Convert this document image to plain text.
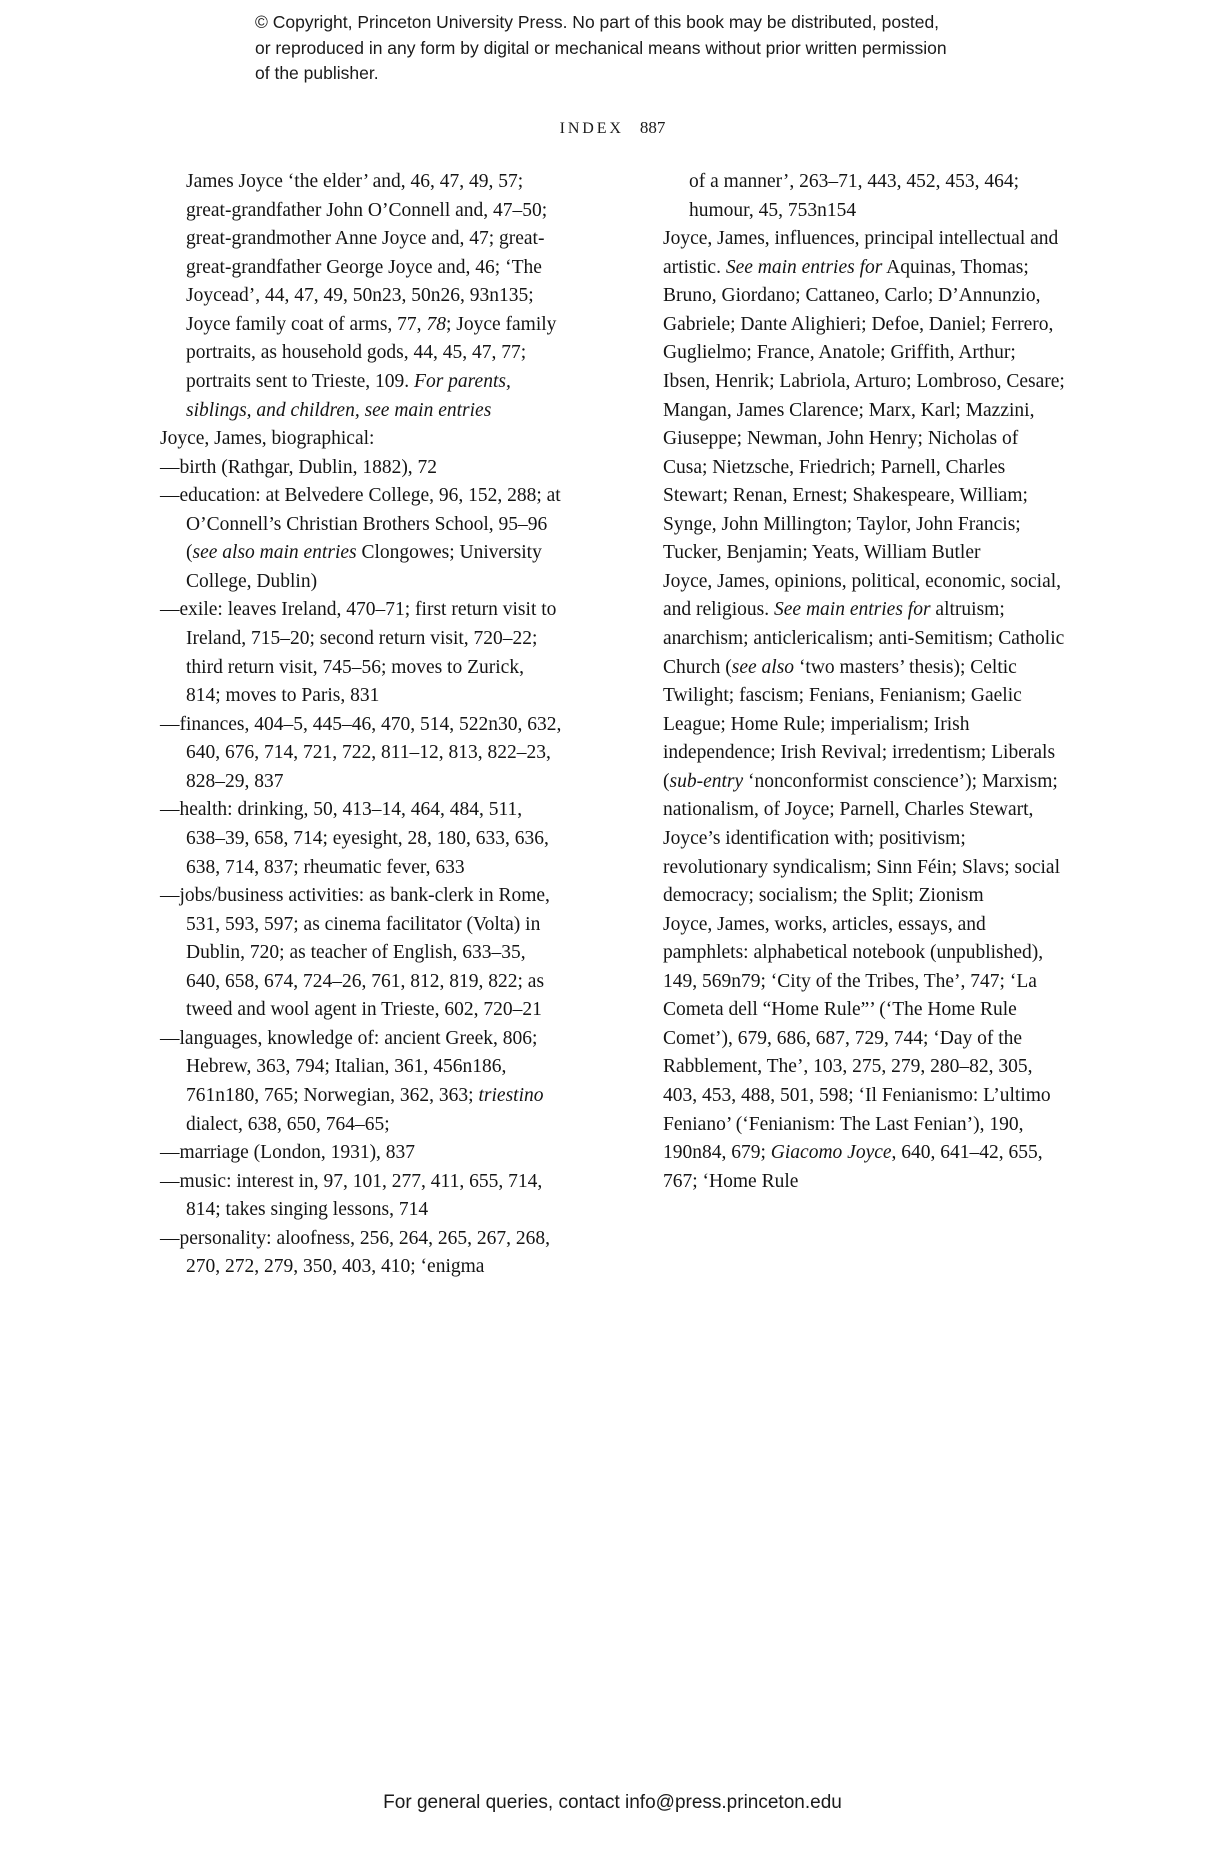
© Copyright, Princeton University Press. No part of this book may be distributed, posted, or reproduced in any form by digital or mechanical means without prior written permission of the publisher.
INDEX 887

James Joyce ‘the elder’ and, 46, 47, 49, 57; great-grandfather John O’Connell and, 47–50; great-grandmother Anne Joyce and, 47; great-great-grandfather George Joyce and, 46; ‘The Joycead’, 44, 47, 49, 50n23, 50n26, 93n135; Joyce family coat of arms, 77, 78; Joyce family portraits, as household gods, 44, 45, 47, 77; portraits sent to Trieste, 109. For parents, siblings, and children, see main entries

Joyce, James, biographical:

—birth (Rathgar, Dublin, 1882), 72

—education: at Belvedere College, 96, 152, 288; at O’Connell’s Christian Brothers School, 95–96 (see also main entries Clongowes; University College, Dublin)

—exile: leaves Ireland, 470–71; first return visit to Ireland, 715–20; second return visit, 720–22; third return visit, 745–56; moves to Zurick, 814; moves to Paris, 831

—finances, 404–5, 445–46, 470, 514, 522n30, 632, 640, 676, 714, 721, 722, 811–12, 813, 822–23, 828–29, 837

—health: drinking, 50, 413–14, 464, 484, 511, 638–39, 658, 714; eyesight, 28, 180, 633, 636, 638, 714, 837; rheumatic fever, 633

—jobs/business activities: as bank-clerk in Rome, 531, 593, 597; as cinema facilitator (Volta) in Dublin, 720; as teacher of English, 633–35, 640, 658, 674, 724–26, 761, 812, 819, 822; as tweed and wool agent in Trieste, 602, 720–21

—languages, knowledge of: ancient Greek, 806; Hebrew, 363, 794; Italian, 361, 456n186, 761n180, 765; Norwegian, 362, 363; triestino dialect, 638, 650, 764–65;

—marriage (London, 1931), 837

—music: interest in, 97, 101, 277, 411, 655, 714, 814; takes singing lessons, 714

—personality: aloofness, 256, 264, 265, 267, 268, 270, 272, 279, 350, 403, 410; ‘enigma

of a manner’, 263–71, 443, 452, 453, 464; humour, 45, 753n154

Joyce, James, influences, principal intellectual and artistic. See main entries for Aquinas, Thomas; Bruno, Giordano; Cattaneo, Carlo; D’Annunzio, Gabriele; Dante Alighieri; Defoe, Daniel; Ferrero, Guglielmo; France, Anatole; Griffith, Arthur; Ibsen, Henrik; Labriola, Arturo; Lombroso, Cesare; Mangan, James Clarence; Marx, Karl; Mazzini, Giuseppe; Newman, John Henry; Nicholas of Cusa; Nietzsche, Friedrich; Parnell, Charles Stewart; Renan, Ernest; Shakespeare, William; Synge, John Millington; Taylor, John Francis; Tucker, Benjamin; Yeats, William Butler

Joyce, James, opinions, political, economic, social, and religious. See main entries for altruism; anarchism; anticlericalism; anti-Semitism; Catholic Church (see also ‘two masters’ thesis); Celtic Twilight; fascism; Fenians, Fenianism; Gaelic League; Home Rule; imperialism; Irish independence; Irish Revival; irredentism; Liberals (sub-entry ‘nonconformist conscience’); Marxism; nationalism, of Joyce; Parnell, Charles Stewart, Joyce’s identification with; positivism; revolutionary syndicalism; Sinn Féin; Slavs; social democracy; socialism; the Split; Zionism

Joyce, James, works, articles, essays, and pamphlets: alphabetical notebook (unpublished), 149, 569n79; ‘City of the Tribes, The’, 747; ‘La Cometa dell “Home Rule”’ (‘The Home Rule Comet’), 679, 686, 687, 729, 744; ‘Day of the Rabblement, The’, 103, 275, 279, 280–82, 305, 403, 453, 488, 501, 598; ‘Il Fenianismo: L’ultimo Feniano’ (‘Fenianism: The Last Fenian’), 190, 190n84, 679; Giacomo Joyce, 640, 641–42, 655, 767; ‘Home Rule

For general queries, contact info@press.princeton.edu
